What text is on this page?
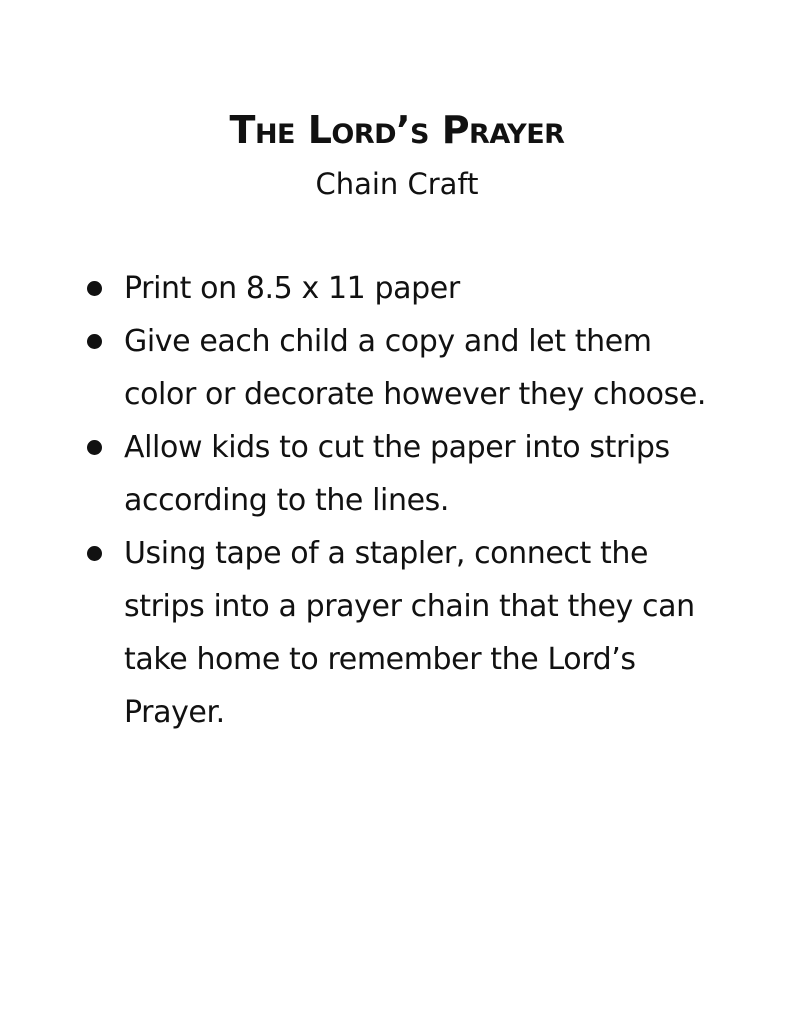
The Lord’s Prayer
Chain Craft
Print on 8.5 x 11 paper
Give each child a copy and let them color or decorate however they choose.
Allow kids to cut the paper into strips according to the lines.
Using tape of a stapler, connect the strips into a prayer chain that they can take home to remember the Lord’s Prayer.
